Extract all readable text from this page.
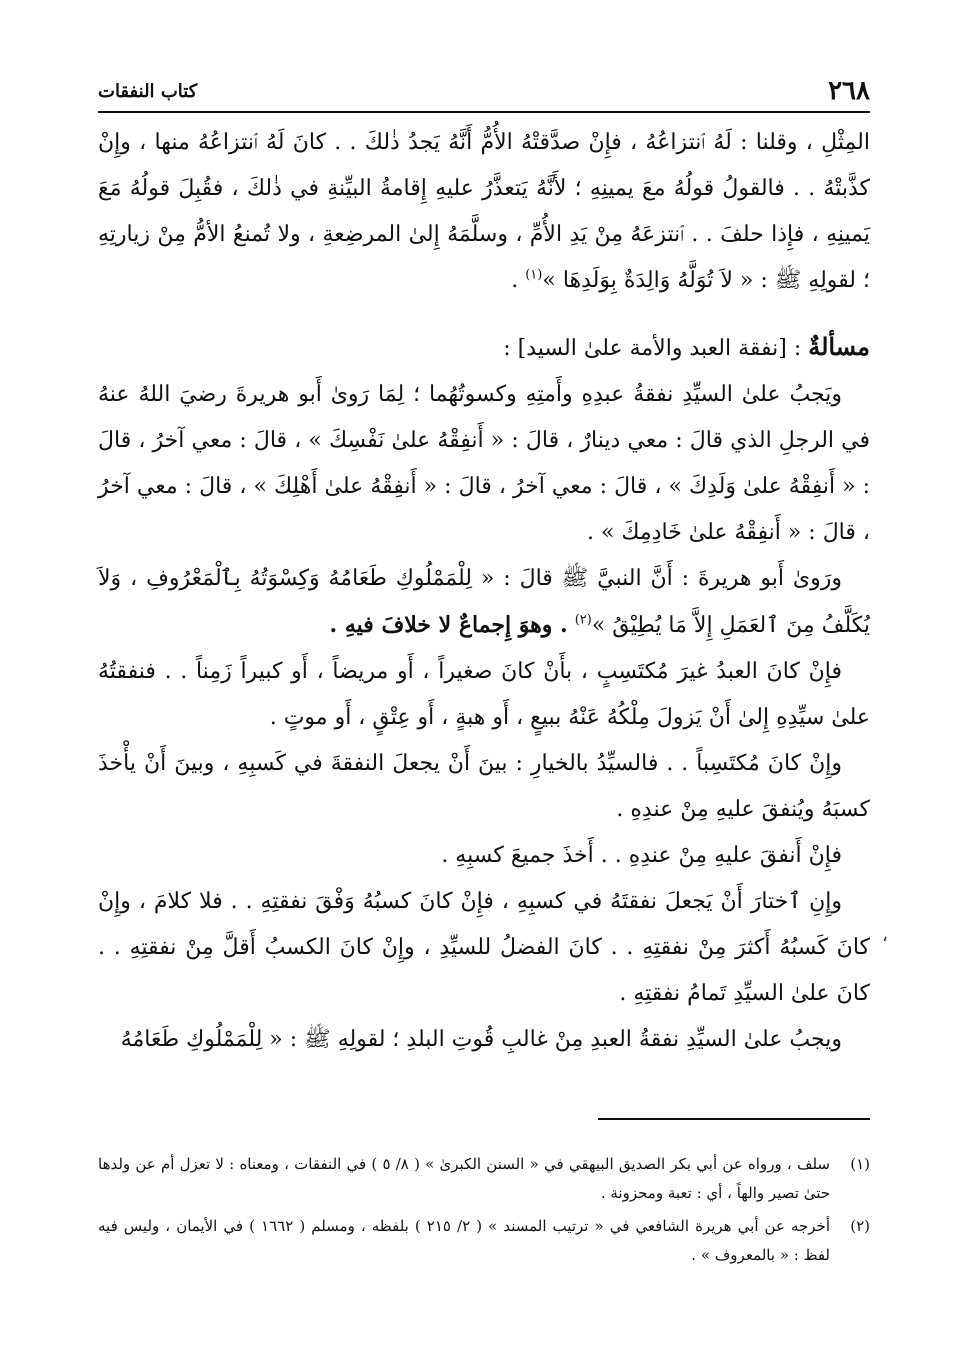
٢٦٨
كتاب النفقات

المِثْلِ ، وقلنا : لَهُ ٱنتزاعُهُ ، فإِنْ صدَّقتْهُ الأُمُّ أَنَّهُ يَجدُ ذٰلكَ . . كانَ لَهُ ٱنتزاعُهُ منها ، وإِنْ كذَّبتْهُ . . فالقولُ قولُهُ معَ يمينِهِ ؛ لأَنَّهُ يَتعذَّرُ عليهِ إِقامةُ البيِّنةِ في ذٰلكَ ، فقُبِلَ قولُهُ مَعَ يَمينِهِ ، فإِذا حلفَ . . ٱنتزعَهُ مِنْ يَدِ الأُمِّ ، وسلَّمَهُ إِلىٰ المرضِعةِ ، ولا تُمنعُ الأمُّ مِنْ زيارتِهِ ؛ لقولِهِ ﷺ : « لاَ تُوَلَّهُ وَالِدَةٌ بِوَلَدِهَا »$^{(١)}$ .

مسألةٌ : [نفقة العبد والأمة علىٰ السيد] :

ويَجبُ علىٰ السيِّدِ نفقةُ عبدِهِ وأَمتِهِ وكسوتُهُما ؛ لِمَا رَوىٰ أَبو هريرةَ رضيَ اللهُ عنهُ في الرجلِ الذي قالَ : معي دينارٌ ، قالَ : « أَنفِقْهُ علىٰ نَفْسِكَ » ، قالَ : معي آخرُ ، قالَ : « أَنفِقْهُ علىٰ وَلَدِكَ » ، قالَ : معي آخرُ ، قالَ : « أَنفِقْهُ علىٰ أَهْلِكَ » ، قالَ : معي آخرُ ، قالَ : « أَنفِقْهُ علىٰ خَادِمِكَ » .

ورَوىٰ أَبو هريرةَ : أَنَّ النبيَّ ﷺ قالَ : « لِلْمَمْلُوكِ طَعَامُهُ وَكِسْوَتُهُ بِٱلْمَعْرُوفِ ، وَلاَ يُكَلَّفُ مِنَ ٱلعَمَلِ إِلاَّ مَا يُطِيْقُ »$^{(٢)}$ . وهوَ إِجماعٌ لا خلافَ فيهِ .

فإِنْ كانَ العبدُ غيرَ مُكتَسِبٍ ، بأَنْ كانَ صغيراً ، أَو مريضاً ، أَو كبيراً زَمِناً . . فنفقتُهُ علىٰ سيِّدِهِ إِلىٰ أَنْ يَزولَ مِلْكُهُ عَنْهُ ببيعٍ ، أَو هبةٍ ، أَو عِتْقٍ ، أَو موتٍ .

وإِنْ كانَ مُكتَسِباً . . فالسيِّدُ بالخيارِ : بينَ أَنْ يجعلَ النفقةَ في كَسبِهِ ، وبينَ أَنْ يأْخذَ كسبَهُ ويُنفقَ عليهِ مِنْ عندِهِ .

فإِنْ أَنفقَ عليهِ مِنْ عندِهِ . . أَخذَ جميعَ كسبِهِ .

وإِنِ ٱختارَ أَنْ يَجعلَ نفقتَهُ في كسبِهِ ، فإِنْ كانَ كسبُهُ وَفْقَ نفقتِهِ . . فلا كلامَ ، وإِنْ كانَ كَسبُهُ أَكثرَ مِنْ نفقتِهِ . . كانَ الفضلُ للسيِّدِ ، وإِنْ كانَ الكسبُ أَقلَّ مِنْ نفقتِهِ . . كانَ علىٰ السيِّدِ تَمامُ نفقتِهِ .

ويجبُ علىٰ السيِّدِ نفقةُ العبدِ مِنْ غالبِ قُوتِ البلدِ ؛ لقولِهِ ﷺ : « لِلْمَمْلُوكِ طَعَامُهُ

،
(١)
سلف ، ورواه عن أبي بكر الصديق البيهقي في « السنن الكبرىٰ » ( ٨/ ٥ ) في النفقات ، ومعناه : لا تعزل أم عن ولدها حتىٰ تصير والهاً ، أي : تعبة ومحزونة .
(٢)
أخرجه عن أبي هريرة الشافعي في « ترتيب المسند » ( ٢/ ٢١٥ ) بلفظه ، ومسلم ( ١٦٦٢ ) في الأيمان ، وليس فيه لفظ : « بالمعروف » .
